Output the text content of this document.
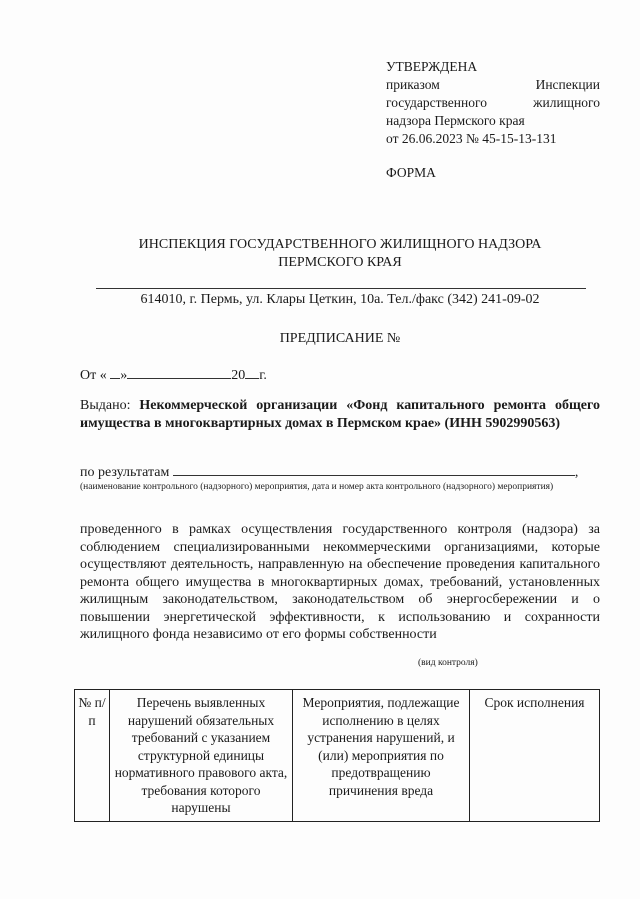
УТВЕРЖДЕНА
приказом	Инспекции
государственного	жилищного
надзора Пермского края
от 26.06.2023 № 45-15-13-131
ФОРМА
ИНСПЕКЦИЯ ГОСУДАРСТВЕННОГО ЖИЛИЩНОГО НАДЗОРА
ПЕРМСКОГО КРАЯ
614010, г. Пермь, ул. Клары Цеткин, 10а. Тел./факс (342) 241-09-02
ПРЕДПИСАНИЕ №
От « »	20 г.
Выдано: Некоммерческой организации «Фонд капитального ремонта общего имущества в многоквартирных домах в Пермском крае» (ИНН 5902990563)
по результатам	,
(наименование контрольного (надзорного) мероприятия, дата и номер акта контрольного (надзорного) мероприятия)
проведенного в рамках осуществления государственного контроля (надзора) за соблюдением специализированными некоммерческими организациями, которые осуществляют деятельность, направленную на обеспечение проведения капитального ремонта общего имущества в многоквартирных домах, требований, установленных жилищным законодательством, законодательством об энергосбережении и о повышении энергетической эффективности, к использованию и сохранности жилищного фонда независимо от его формы собственности
(вид контроля)
№ п/п	Перечень выявленных нарушений обязательных требований с указанием структурной единицы нормативного правового акта, требования которого нарушены	Мероприятия, подлежащие исполнению в целях устранения нарушений, и (или) мероприятия по предотвращению причинения вреда	Срок исполнения
